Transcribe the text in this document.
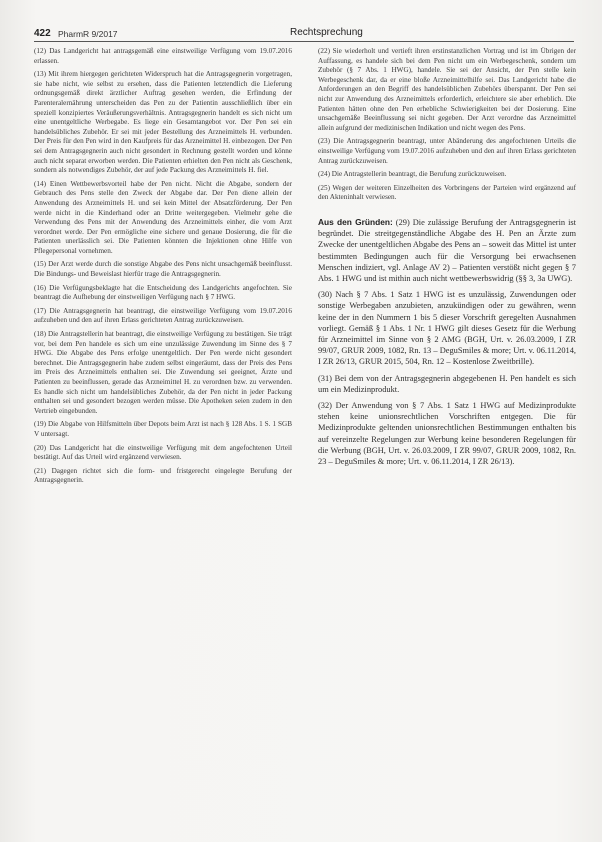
422 PharmR 9/2017	Rechtsprechung

(12) Das Landgericht hat antragsgemäß eine einstweilige Verfügung vom 19.07.2016 erlassen.

(13) Mit ihrem hiergegen gerichteten Widerspruch hat die Antragsgegnerin vorgetragen, sie habe nicht, wie selbst zu ersehen, dass die Patienten letztendlich die Lieferung ordnungsgemäß direkt ärztlicher Auftrag gesehen werden, die Erfindung der Parenteralernährung unterscheiden das Pen zu der Patientin ausschließlich über ein speziell konzipiertes Veräußerungsverhältnis. Antragsgegnerin handelt es sich nicht um eine unentgeltliche Werbegabe. Es liege ein Gesamtangebot vor. Der Pen sei ein handelsübliches Zubehör. Er sei mit jeder Bestellung des Arzneimittels H. verbunden. Der Preis für den Pen wird in den Kaufpreis für das Arzneimittel H. einbezogen. Der Pen sei dem Antragsgegnerin auch nicht gesondert in Rechnung gestellt worden und könne auch nicht separat erworben werden. Die Patienten erhielten den Pen nicht als Geschenk, sondern als notwendiges Zubehör, der auf jede Packung des Arzneimittels H. fiel.

(14) Einen Wettbewerbsvorteil habe der Pen nicht. Nicht die Abgabe, sondern der Gebrauch des Pens stelle den Zweck der Abgabe dar. Der Pen diene allein der Anwendung des Arzneimittels H. und sei kein Mittel der Absatzförderung. Der Pen werde nicht in die Kinderhand oder an Dritte weitergegeben. Vielmehr gehe die Verwendung des Pens mit der Anwendung des Arzneimittels einher, die vom Arzt verordnet werde. Der Pen ermögliche eine sichere und genaue Dosierung, die für die Patienten unerlässlich sei. Die Patienten könnten die Injektionen ohne Hilfe von Pflegepersonal vornehmen.

(15) Der Arzt werde durch die sonstige Abgabe des Pens nicht unsachgemäß beeinflusst. Die Bindungs- und Beweislast hierfür trage die Antragsgegnerin.

(16) Die Verfügungsbeklagte hat die Entscheidung des Landgerichts angefochten. Sie beantragt die Aufhebung der einstweiligen Verfügung nach § 7 HWG.

(17) Die Antragsgegnerin hat beantragt, die einstweilige Verfügung vom 19.07.2016 aufzuheben und den auf ihren Erlass gerichteten Antrag zurückzuweisen.

(18) Die Antragstellerin hat beantragt, die einstweilige Verfügung zu bestätigen. Sie trägt vor, bei dem Pen handele es sich um eine unzulässige Zuwendung im Sinne des § 7 HWG. Die Abgabe des Pens erfolge unentgeltlich. Der Pen werde nicht gesondert berechnet. Die Antragsgegnerin habe zudem selbst eingeräumt, dass der Preis des Pens im Preis des Arzneimittels enthalten sei. Die Zuwendung sei geeignet, Ärzte und Patienten zu beeinflussen, gerade das Arzneimittel H. zu verordnen bzw. zu verwenden. Es handle sich nicht um handelsübliches Zubehör, da der Pen nicht in jeder Packung enthalten sei und gesondert bezogen werden müsse. Die Apotheken seien zudem in den Vertrieb eingebunden.

(19) Die Abgabe von Hilfsmitteln über Depots beim Arzt ist nach § 128 Abs. 1 S. 1 SGB V untersagt.

(20) Das Landgericht hat die einstweilige Verfügung mit dem angefochtenen Urteil bestätigt. Auf das Urteil wird ergänzend verwiesen.

(21) Dagegen richtet sich die form- und fristgerecht eingelegte Berufung der Antragsgegnerin.

(22) Sie wiederholt und vertieft ihren erstinstanzlichen Vortrag und ist im Übrigen der Auffassung, es handele sich bei dem Pen nicht um ein Werbegeschenk, sondern um Zubehör (§ 7 Abs. 1 HWG), handele. Sie sei der Ansicht, der Pen stelle kein Werbegeschenk dar, da er eine bloße Arzneimittelhilfe sei. Das Landgericht habe die Anforderungen an den Begriff des handelsüblichen Zubehörs überspannt. Der Pen sei nicht zur Anwendung des Arzneimittels erforderlich, erleichtere sie aber erheblich. Die Patienten hätten ohne den Pen erhebliche Schwierigkeiten bei der Dosierung. Eine unsachgemäße Beeinflussung sei nicht gegeben. Der Arzt verordne das Arzneimittel allein aufgrund der medizinischen Indikation und nicht wegen des Pens.

(23) Die Antragsgegnerin beantragt, unter Abänderung des angefochtenen Urteils die einstweilige Verfügung vom 19.07.2016 aufzuheben und den auf ihren Erlass gerichteten Antrag zurückzuweisen.

(24) Die Antragstellerin beantragt, die Berufung zurückzuweisen.

(25) Wegen der weiteren Einzelheiten des Vorbringens der Parteien wird ergänzend auf den Akteninhalt verwiesen.

Aus den Gründen: (29) Die zulässige Berufung der Antragsgegnerin ist begründet. Die streitgegenständliche Abgabe des H. Pen an Ärzte zum Zwecke der unentgeltlichen Abgabe des Pens an – soweit das Mittel ist unter bestimmten Bedingungen auch für die Versorgung bei erwachsenen Menschen indiziert, vgl. Anlage AV 2) – Patienten verstößt nicht gegen § 7 Abs. 1 HWG und ist mithin auch nicht wettbewerbswidrig (§§ 3, 3a UWG).

(30) Nach § 7 Abs. 1 Satz 1 HWG ist es unzulässig, Zuwendungen oder sonstige Werbegaben anzubieten, anzukündigen oder zu gewähren, wenn keine der in den Nummern 1 bis 5 dieser Vorschrift geregelten Ausnahmen vorliegt. Gemäß § 1 Abs. 1 Nr. 1 HWG gilt dieses Gesetz für die Werbung für Arzneimittel im Sinne von § 2 AMG (BGH, Urt. v. 26.03.2009, I ZR 99/07, GRUR 2009, 1082, Rn. 13 – DeguSmiles & more; Urt. v. 06.11.2014, I ZR 26/13, GRUR 2015, 504, Rn. 12 – Kostenlose Zweitbrille).

(31) Bei dem von der Antragsgegnerin abgegebenen H. Pen handelt es sich um ein Medizinprodukt.

(32) Der Anwendung von § 7 Abs. 1 Satz 1 HWG auf Medizinprodukte stehen keine unionsrechtlichen Vorschriften entgegen. Die für Medizinprodukte geltenden unionsrechtlichen Bestimmungen enthalten bis auf vereinzelte Regelungen zur Werbung keine besonderen Regelungen für die Werbung (BGH, Urt. v. 26.03.2009, I ZR 99/07, GRUR 2009, 1082, Rn. 23 – DeguSmiles & more; Urt. v. 06.11.2014, I ZR 26/13).
